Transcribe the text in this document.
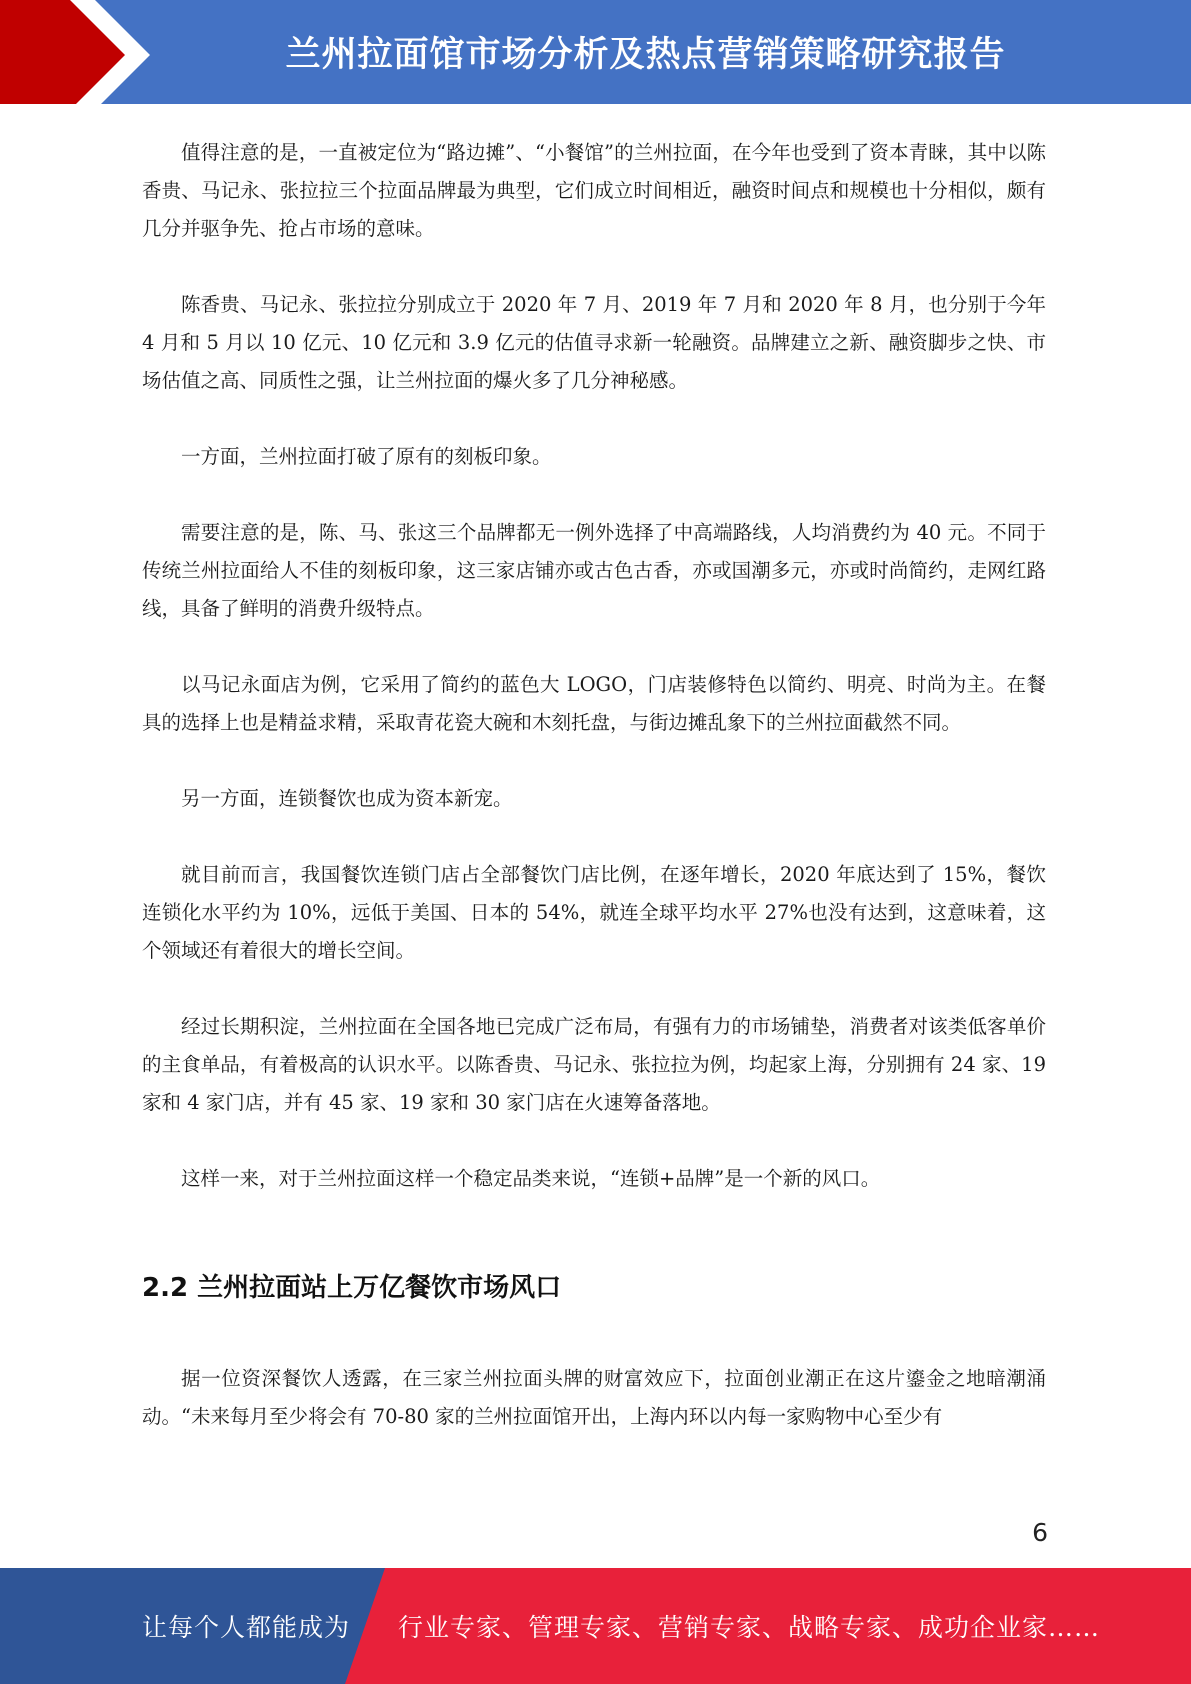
兰州拉面馆市场分析及热点营销策略研究报告

值得注意的是，一直被定位为“路边摊”、“小餐馆”的兰州拉面，在今年也受到了资本青睐，其中以陈香贵、马记永、张拉拉三个拉面品牌最为典型，它们成立时间相近，融资时间点和规模也十分相似，颇有几分并驱争先、抢占市场的意味。

陈香贵、马记永、张拉拉分别成立于 2020 年 7 月、2019 年 7 月和 2020 年 8 月，也分别于今年 4 月和 5 月以 10 亿元、10 亿元和 3.9 亿元的估值寻求新一轮融资。品牌建立之新、融资脚步之快、市场估值之高、同质性之强，让兰州拉面的爆火多了几分神秘感。

一方面，兰州拉面打破了原有的刻板印象。

需要注意的是，陈、马、张这三个品牌都无一例外选择了中高端路线，人均消费约为 40 元。不同于传统兰州拉面给人不佳的刻板印象，这三家店铺亦或古色古香，亦或国潮多元，亦或时尚简约，走网红路线，具备了鲜明的消费升级特点。

以马记永面店为例，它采用了简约的蓝色大 LOGO，门店装修特色以简约、明亮、时尚为主。在餐具的选择上也是精益求精，采取青花瓷大碗和木刻托盘，与街边摊乱象下的兰州拉面截然不同。

另一方面，连锁餐饮也成为资本新宠。

就目前而言，我国餐饮连锁门店占全部餐饮门店比例，在逐年增长，2020 年底达到了 15%，餐饮连锁化水平约为 10%，远低于美国、日本的 54%，就连全球平均水平 27%也没有达到，这意味着，这个领域还有着很大的增长空间。

经过长期积淀，兰州拉面在全国各地已完成广泛布局，有强有力的市场铺垫，消费者对该类低客单价的主食单品，有着极高的认识水平。以陈香贵、马记永、张拉拉为例，均起家上海，分别拥有 24 家、19 家和 4 家门店，并有 45 家、19 家和 30 家门店在火速筹备落地。

这样一来，对于兰州拉面这样一个稳定品类来说，“连锁+品牌”是一个新的风口。

2.2 兰州拉面站上万亿餐饮市场风口

据一位资深餐饮人透露，在三家兰州拉面头牌的财富效应下，拉面创业潮正在这片鎏金之地暗潮涌动。“未来每月至少将会有 70-80 家的兰州拉面馆开出，上海内环以内每一家购物中心至少有

6
让每个人都能成为 行业专家、管理专家、营销专家、战略专家、成功企业家……
